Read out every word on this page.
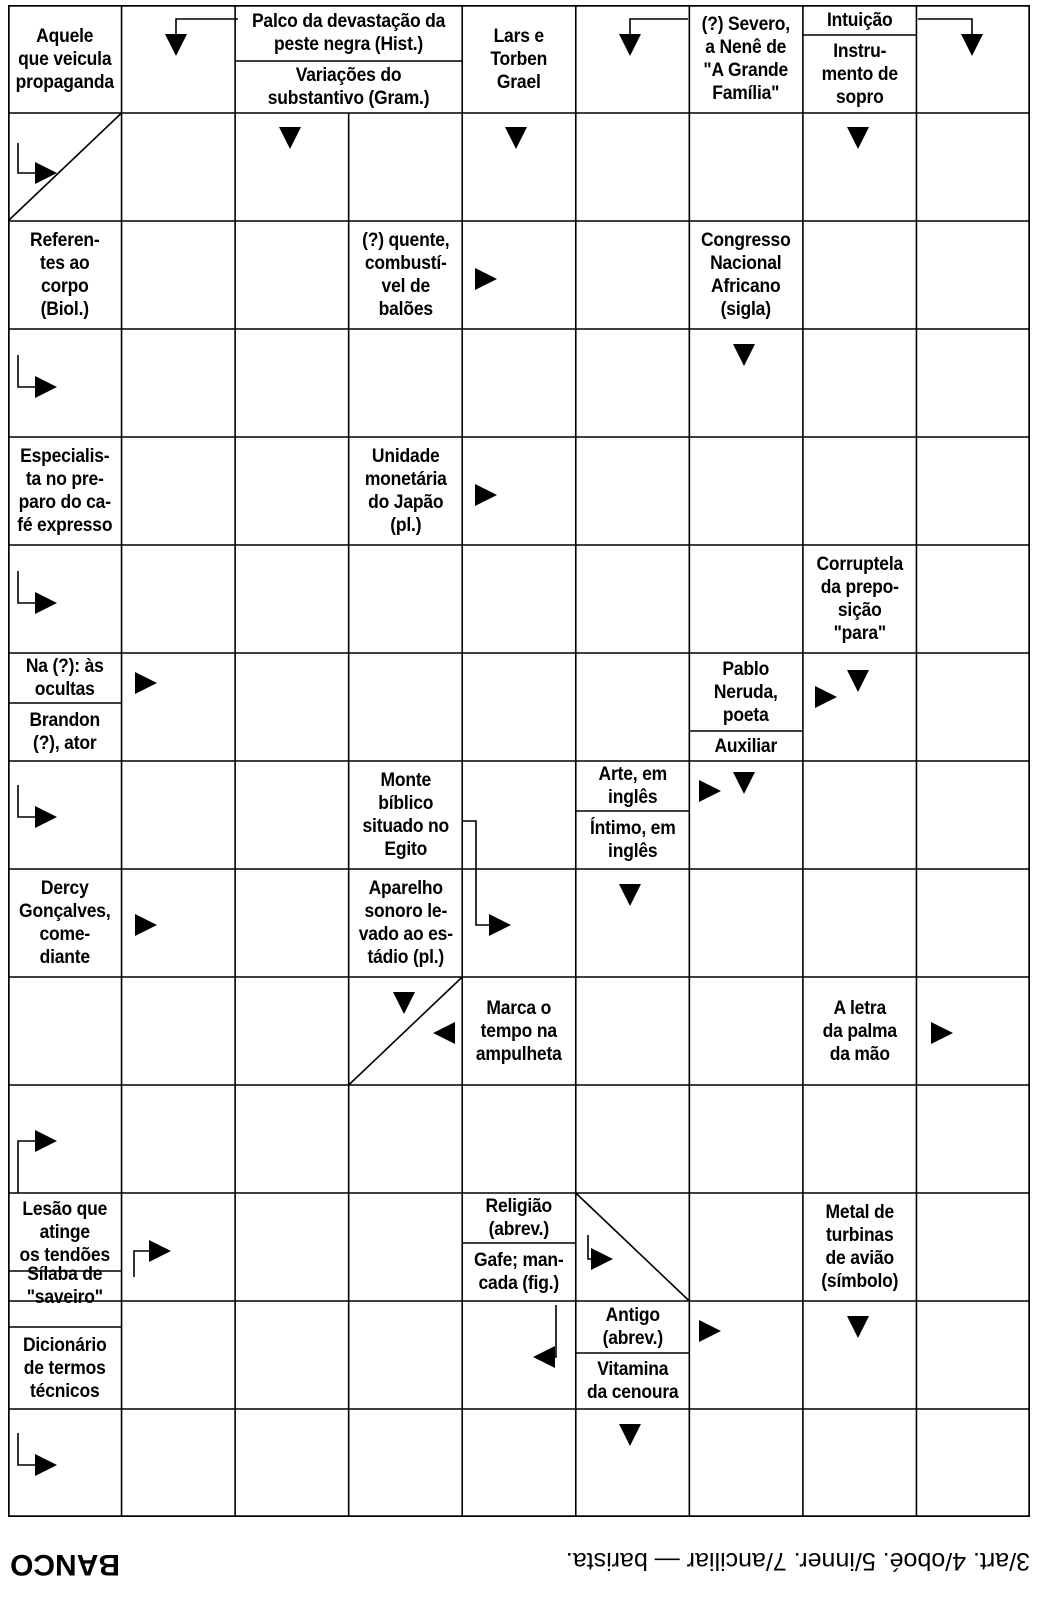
Aquele
que veicula
propaganda
Palco da devastação da
peste negra (Hist.)
Variações do
substantivo (Gram.)
Lars e
Torben
Grael
(?) Severo,
a Nenê de
"A Grande
Família"
Intuição
Instru-
mento de
sopro
Referen-
tes ao
corpo
(Biol.)
(?) quente,
combustí-
vel de
balões
Congresso
Nacional
Africano
(sigla)
Especialis-
ta no pre-
paro do ca-
fé expresso
Unidade
monetária
do Japão
(pl.)
Corruptela
da prepo-
sição
"para"
Na (?): às
ocultas
Brandon
(?), ator
Pablo
Neruda,
poeta
Auxiliar
Monte
bíblico
situado no
Egito
Arte, em
inglês
Íntimo, em
inglês
Dercy
Gonçalves,
come-
diante
Aparelho
sonoro le-
vado ao es-
tádio (pl.)
Marca o
tempo na
ampulheta
A letra
da palma
da mão
Lesão que
atinge
os tendões
Sílaba de
"saveiro"
Religião
(abrev.)
Gafe; man-
cada (fig.)
Metal de
turbinas
de avião
(símbolo)
Dicionário
de termos
técnicos
Antigo
(abrev.)
Vitamina
da cenoura
3/art. 4/oboé. 5/inner. 7/anciliar — barista.
BANCO
